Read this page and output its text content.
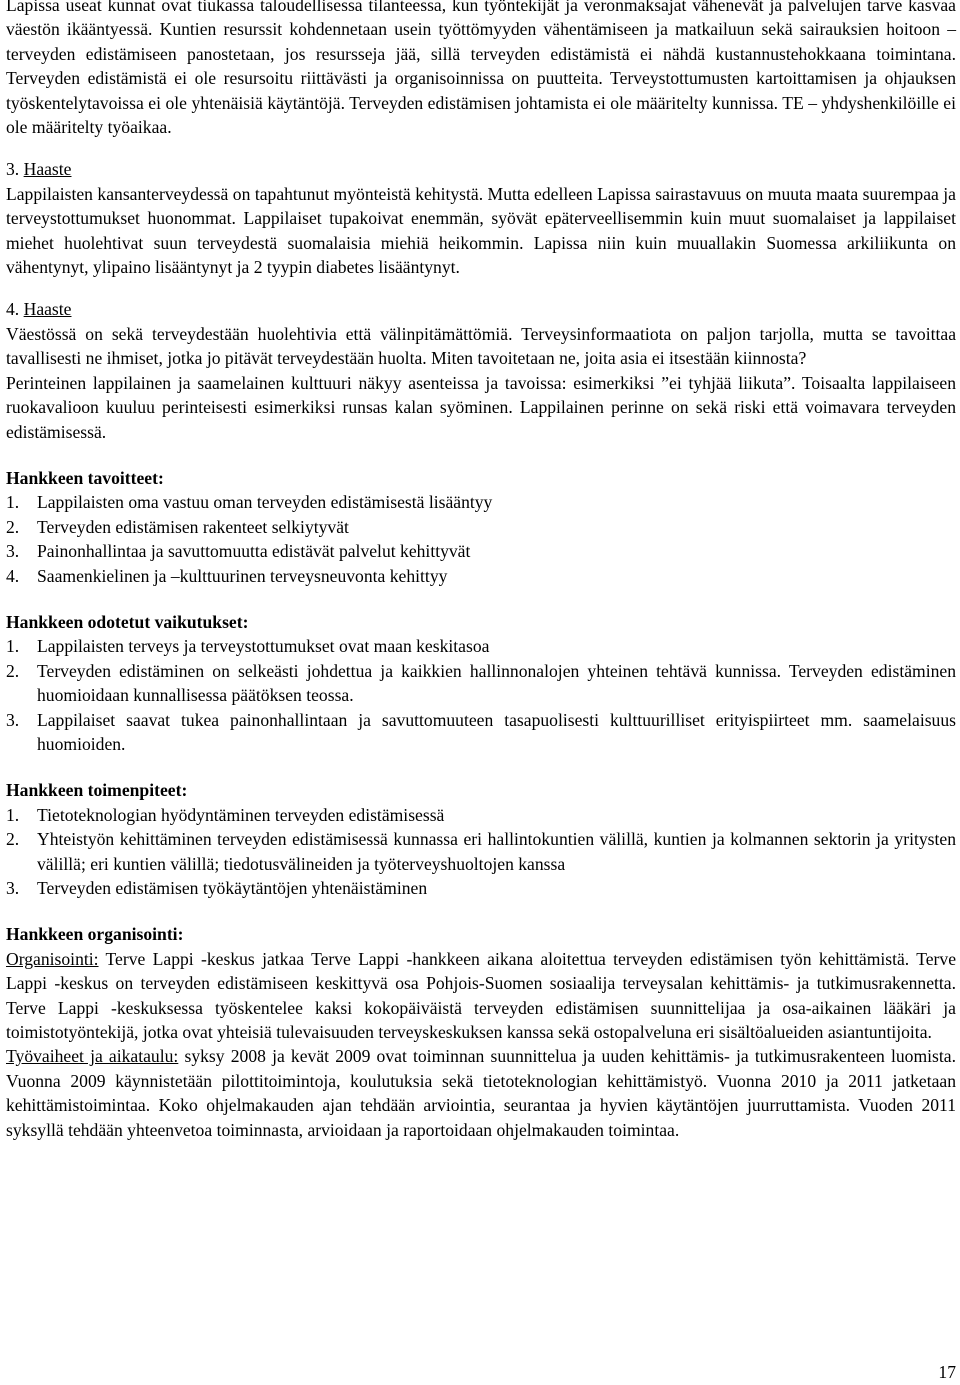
Lapissa useat kunnat ovat tiukassa taloudellisessa tilanteessa, kun työntekijät ja veronmaksajat vähenevät ja palvelujen tarve kasvaa väestön ikääntyessä. Kuntien resurssit kohdennetaan usein työttömyyden vähentämiseen ja matkailuun sekä sairauksien hoitoon – terveyden edistämiseen panostetaan, jos resursseja jää, sillä terveyden edistämistä ei nähdä kustannustehokkaana toimintana. Terveyden edistämistä ei ole resursoitu riittävästi ja organisoinnissa on puutteita. Terveystottumusten kartoittamisen ja ohjauksen työskentelytavoissa ei ole yhtenäisiä käytäntöjä. Terveyden edistämisen johtamista ei ole määritelty kunnissa. TE – yhdyshenkilöille ei ole määritelty työaikaa.

3. Haaste

Lappilaisten kansanterveydessä on tapahtunut myönteistä kehitystä. Mutta edelleen Lapissa sairastavuus on muuta maata suurempaa ja terveystottumukset huonommat. Lappilaiset tupakoivat enemmän, syövät epäterveellisemmin kuin muut suomalaiset ja lappilaiset miehet huolehtivat suun terveydestä suomalaisia miehiä heikommin. Lapissa niin kuin muuallakin Suomessa arkiliikunta on vähentynyt, ylipaino lisääntynyt ja 2 tyypin diabetes lisääntynyt.

4. Haaste

Väestössä on sekä terveydestään huolehtivia että välinpitämättömiä. Terveysinformaatiota on paljon tarjolla, mutta se tavoittaa tavallisesti ne ihmiset, jotka jo pitävät terveydestään huolta. Miten tavoitetaan ne, joita asia ei itsestään kiinnosta?

Perinteinen lappilainen ja saamelainen kulttuuri näkyy asenteissa ja tavoissa: esimerkiksi ”ei tyhjää liikuta”. Toisaalta lappilaiseen ruokavalioon kuuluu perinteisesti esimerkiksi runsas kalan syöminen. Lappilainen perinne on sekä riski että voimavara terveyden edistämisessä.

Hankkeen tavoitteet:

1. Lappilaisten oma vastuu oman terveyden edistämisestä lisääntyy
2. Terveyden edistämisen rakenteet selkiytyvät
3. Painonhallintaa ja savuttomuutta edistävät palvelut kehittyvät
4. Saamenkielinen ja –kulttuurinen terveysneuvonta kehittyy

Hankkeen odotetut vaikutukset:

1. Lappilaisten terveys ja terveystottumukset ovat maan keskitasoa
2. Terveyden edistäminen on selkeästi johdettua ja kaikkien hallinnonalojen yhteinen tehtävä kunnissa. Terveyden edistäminen huomioidaan kunnallisessa päätöksen teossa.
3. Lappilaiset saavat tukea painonhallintaan ja savuttomuuteen tasapuolisesti kulttuurilliset erityispiirteet mm. saamelaisuus huomioiden.

Hankkeen toimenpiteet:

1. Tietoteknologian hyödyntäminen terveyden edistämisessä
2. Yhteistyön kehittäminen terveyden edistämisessä kunnassa eri hallintokuntien välillä, kuntien ja kolmannen sektorin ja yritysten välillä; eri kuntien välillä; tiedotusvälineiden ja työterveyshuoltojen kanssa
3. Terveyden edistämisen työkäytäntöjen yhtenäistäminen

Hankkeen organisointi:

Organisointi: Terve Lappi -keskus jatkaa Terve Lappi -hankkeen aikana aloitettua terveyden edistämisen työn kehittämistä. Terve Lappi -keskus on terveyden edistämiseen keskittyvä osa Pohjois-Suomen sosiaalija terveysalan kehittämis- ja tutkimusrakennetta. Terve Lappi -keskuksessa työskentelee kaksi kokopäiväistä terveyden edistämisen suunnittelijaa ja osa-aikainen lääkäri ja toimistotyöntekijä, jotka ovat yhteisiä tulevaisuuden terveyskeskuksen kanssa sekä ostopalveluna eri sisältöalueiden asiantuntijoita.

Työvaiheet ja aikataulu: syksy 2008 ja kevät 2009 ovat toiminnan suunnittelua ja uuden kehittämis- ja tutkimusrakenteen luomista. Vuonna 2009 käynnistetään pilottitoimintoja, koulutuksia sekä tietoteknologian kehittämistyö. Vuonna 2010 ja 2011 jatketaan kehittämistoimintaa. Koko ohjelmakauden ajan tehdään arviointia, seurantaa ja hyvien käytäntöjen juurruttamista. Vuoden 2011 syksyllä tehdään yhteenvetoa toiminnasta, arvioidaan ja raportoidaan ohjelmakauden toimintaa.

17
